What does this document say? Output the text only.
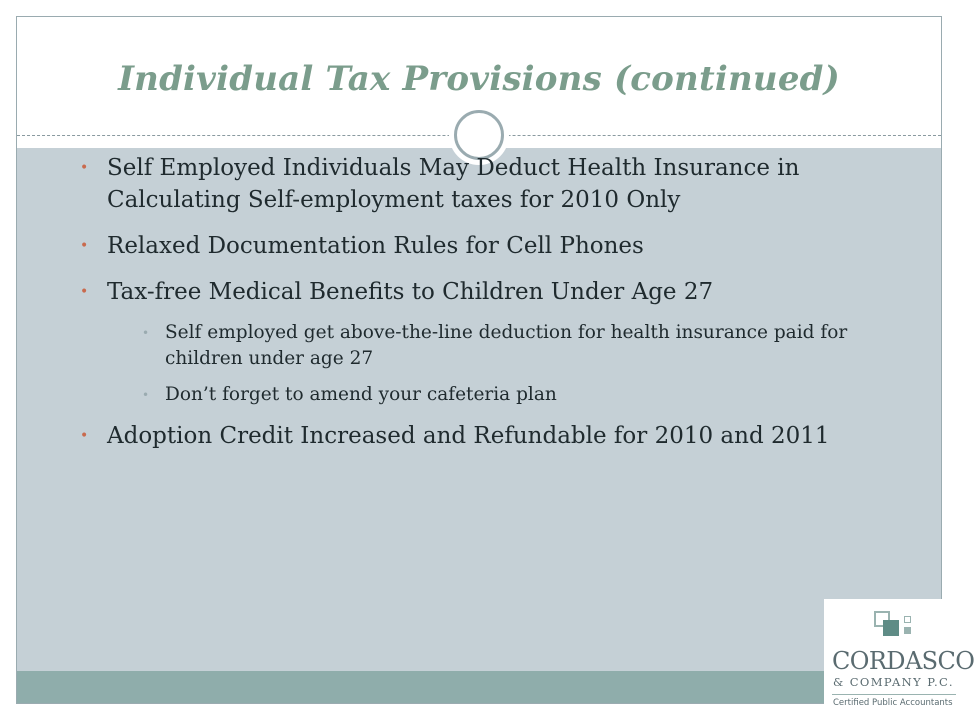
Individual Tax Provisions (continued)
• Self Employed Individuals May Deduct Health Insurance in Calculating Self-employment taxes for 2010 Only
• Relaxed Documentation Rules for Cell Phones
• Tax-free Medical Benefits to Children Under Age 27
• Self employed get above-the-line deduction for health insurance paid for children under age 27
• Don’t forget to amend your cafeteria plan
• Adoption Credit Increased and Refundable for 2010 and 2011
CORDASCO
& COMPANY P.C.
Certified Public Accountants
